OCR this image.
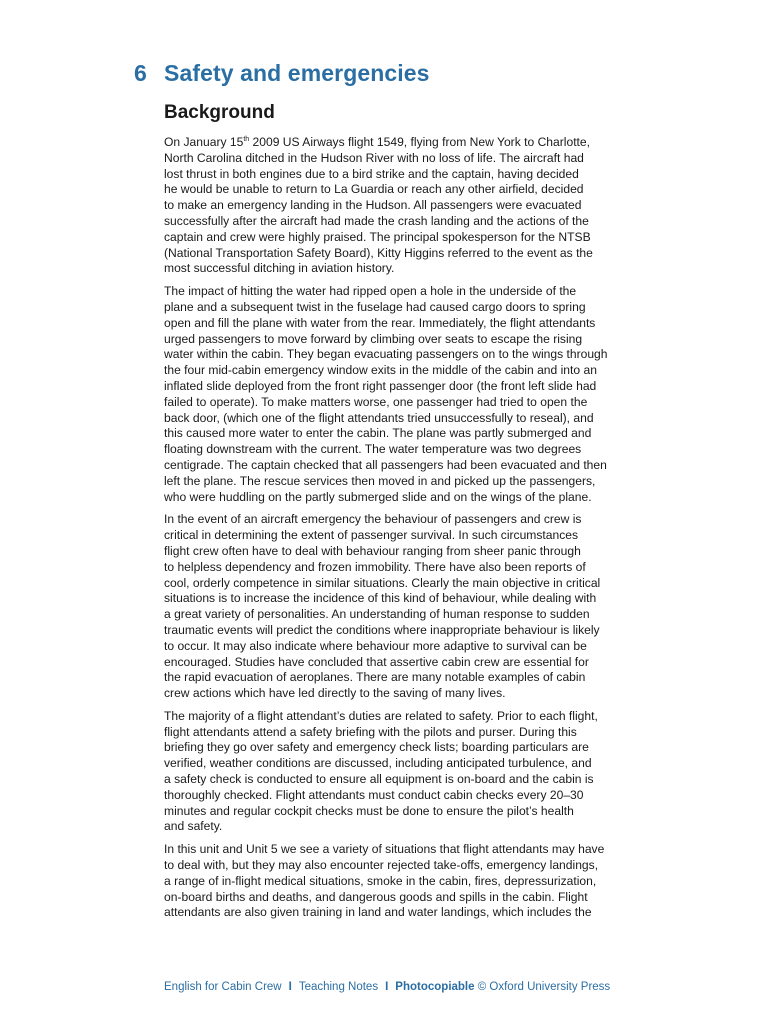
6 Safety and emergencies
Background

On January 15th 2009 US Airways flight 1549, flying from New York to Charlotte,
North Carolina ditched in the Hudson River with no loss of life. The aircraft had
lost thrust in both engines due to a bird strike and the captain, having decided
he would be unable to return to La Guardia or reach any other airfield, decided
to make an emergency landing in the Hudson. All passengers were evacuated
successfully after the aircraft had made the crash landing and the actions of the
captain and crew were highly praised. The principal spokesperson for the NTSB
(National Transportation Safety Board), Kitty Higgins referred to the event as the
most successful ditching in aviation history.

The impact of hitting the water had ripped open a hole in the underside of the
plane and a subsequent twist in the fuselage had caused cargo doors to spring
open and fill the plane with water from the rear. Immediately, the flight attendants
urged passengers to move forward by climbing over seats to escape the rising
water within the cabin. They began evacuating passengers on to the wings through
the four mid-cabin emergency window exits in the middle of the cabin and into an
inflated slide deployed from the front right passenger door (the front left slide had
failed to operate). To make matters worse, one passenger had tried to open the
back door, (which one of the flight attendants tried unsuccessfully to reseal), and
this caused more water to enter the cabin. The plane was partly submerged and
floating downstream with the current. The water temperature was two degrees
centigrade. The captain checked that all passengers had been evacuated and then
left the plane. The rescue services then moved in and picked up the passengers,
who were huddling on the partly submerged slide and on the wings of the plane.

In the event of an aircraft emergency the behaviour of passengers and crew is
critical in determining the extent of passenger survival. In such circumstances
flight crew often have to deal with behaviour ranging from sheer panic through
to helpless dependency and frozen immobility. There have also been reports of
cool, orderly competence in similar situations. Clearly the main objective in critical
situations is to increase the incidence of this kind of behaviour, while dealing with
a great variety of personalities. An understanding of human response to sudden
traumatic events will predict the conditions where inappropriate behaviour is likely
to occur. It may also indicate where behaviour more adaptive to survival can be
encouraged. Studies have concluded that assertive cabin crew are essential for
the rapid evacuation of aeroplanes. There are many notable examples of cabin
crew actions which have led directly to the saving of many lives.

The majority of a flight attendant’s duties are related to safety. Prior to each flight,
flight attendants attend a safety briefing with the pilots and purser. During this
briefing they go over safety and emergency check lists; boarding particulars are
verified, weather conditions are discussed, including anticipated turbulence, and
a safety check is conducted to ensure all equipment is on-board and the cabin is
thoroughly checked. Flight attendants must conduct cabin checks every 20–30
minutes and regular cockpit checks must be done to ensure the pilot’s health
and safety.

In this unit and Unit 5 we see a variety of situations that flight attendants may have
to deal with, but they may also encounter rejected take-offs, emergency landings,
a range of in-flight medical situations, smoke in the cabin, fires, depressurization,
on-board births and deaths, and dangerous goods and spills in the cabin. Flight
attendants are also given training in land and water landings, which includes the

English for Cabin Crew I Teaching Notes I Photocopiable © Oxford University Press
